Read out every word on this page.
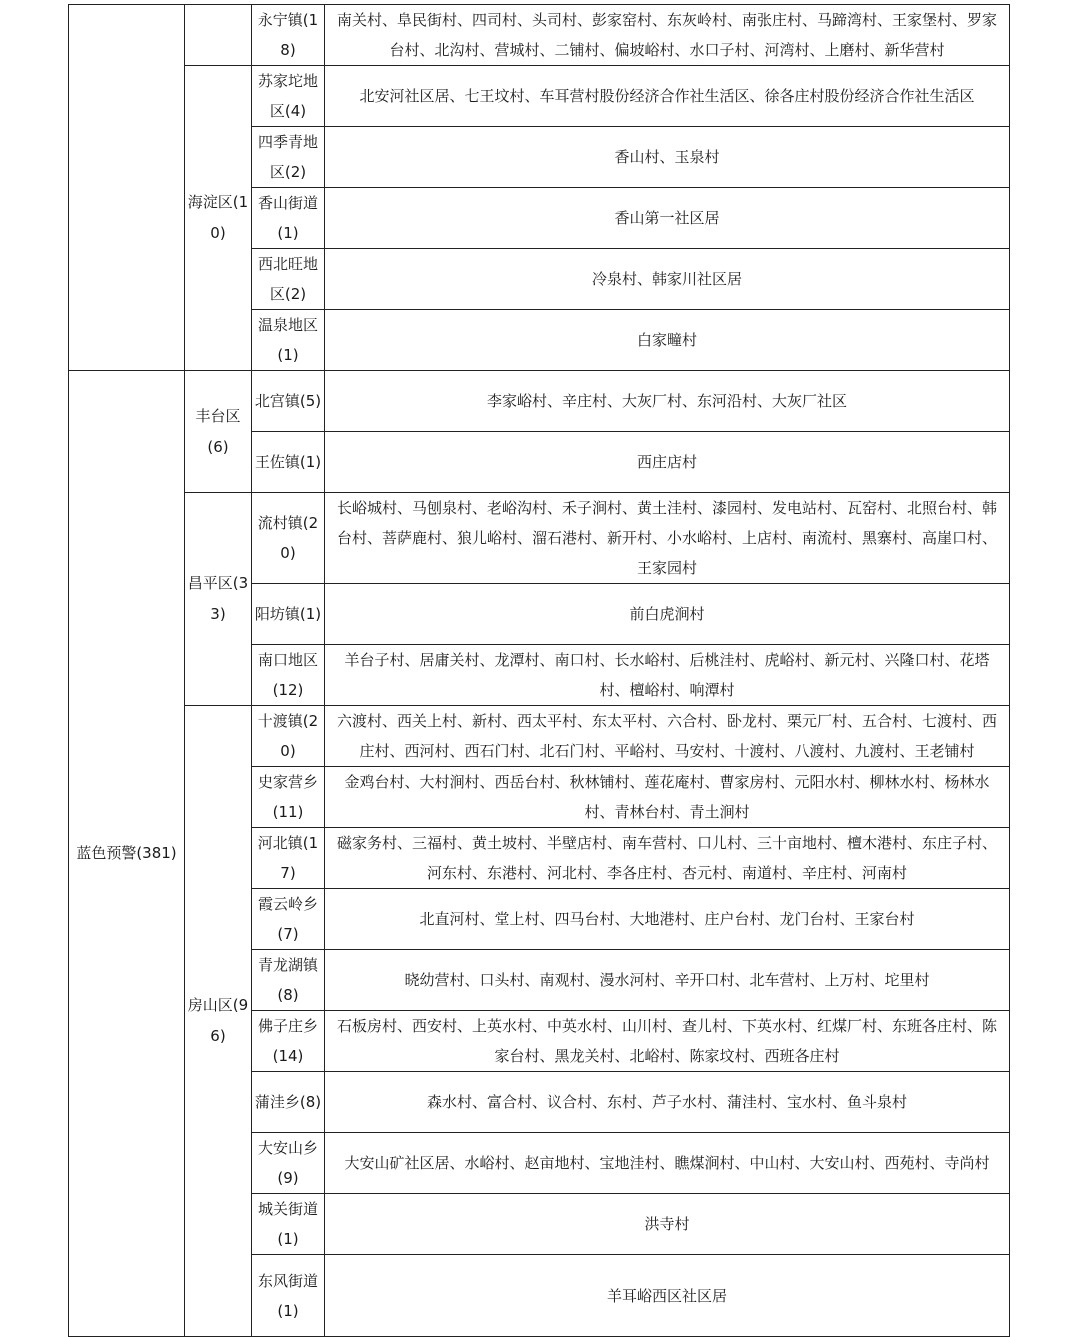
		永宁镇(18)	南关村、阜民街村、四司村、头司村、彭家窑村、东灰岭村、南张庄村、马蹄湾村、王家堡村、罗家台村、北沟村、营城村、二铺村、偏坡峪村、水口子村、河湾村、上磨村、新华营村
	海淀区(10)	苏家坨地区(4)	北安河社区居、七王坟村、车耳营村股份经济合作社生活区、徐各庄村股份经济合作社生活区
		四季青地区(2)	香山村、玉泉村
		香山街道(1)	香山第一社区居
		西北旺地区(2)	冷泉村、韩家川社区居
		温泉地区(1)	白家疃村
蓝色预警(381)	丰台区(6)	北宫镇(5)	李家峪村、辛庄村、大灰厂村、东河沿村、大灰厂社区
		王佐镇(1)	西庄店村
	昌平区(33)	流村镇(20)	长峪城村、马刨泉村、老峪沟村、禾子涧村、黄土洼村、漆园村、发电站村、瓦窑村、北照台村、韩台村、菩萨鹿村、狼儿峪村、溜石港村、新开村、小水峪村、上店村、南流村、黑寨村、高崖口村、王家园村
		阳坊镇(1)	前白虎涧村
		南口地区(12)	羊台子村、居庸关村、龙潭村、南口村、长水峪村、后桃洼村、虎峪村、新元村、兴隆口村、花塔村、檀峪村、响潭村
	房山区(96)	十渡镇(20)	六渡村、西关上村、新村、西太平村、东太平村、六合村、卧龙村、栗元厂村、五合村、七渡村、西庄村、西河村、西石门村、北石门村、平峪村、马安村、十渡村、八渡村、九渡村、王老铺村
		史家营乡(11)	金鸡台村、大村涧村、西岳台村、秋林铺村、莲花庵村、曹家房村、元阳水村、柳林水村、杨林水村、青林台村、青土涧村
		河北镇(17)	磁家务村、三福村、黄土坡村、半壁店村、南车营村、口儿村、三十亩地村、檀木港村、东庄子村、河东村、东港村、河北村、李各庄村、杏元村、南道村、辛庄村、河南村
		霞云岭乡(7)	北直河村、堂上村、四马台村、大地港村、庄户台村、龙门台村、王家台村
		青龙湖镇(8)	晓幼营村、口头村、南观村、漫水河村、辛开口村、北车营村、上万村、坨里村
		佛子庄乡(14)	石板房村、西安村、上英水村、中英水村、山川村、查儿村、下英水村、红煤厂村、东班各庄村、陈家台村、黑龙关村、北峪村、陈家坟村、西班各庄村
		蒲洼乡(8)	森水村、富合村、议合村、东村、芦子水村、蒲洼村、宝水村、鱼斗泉村
		大安山乡(9)	大安山矿社区居、水峪村、赵亩地村、宝地洼村、瞧煤涧村、中山村、大安山村、西苑村、寺尚村
		城关街道(1)	洪寺村
		东风街道(1)	羊耳峪西区社区居
